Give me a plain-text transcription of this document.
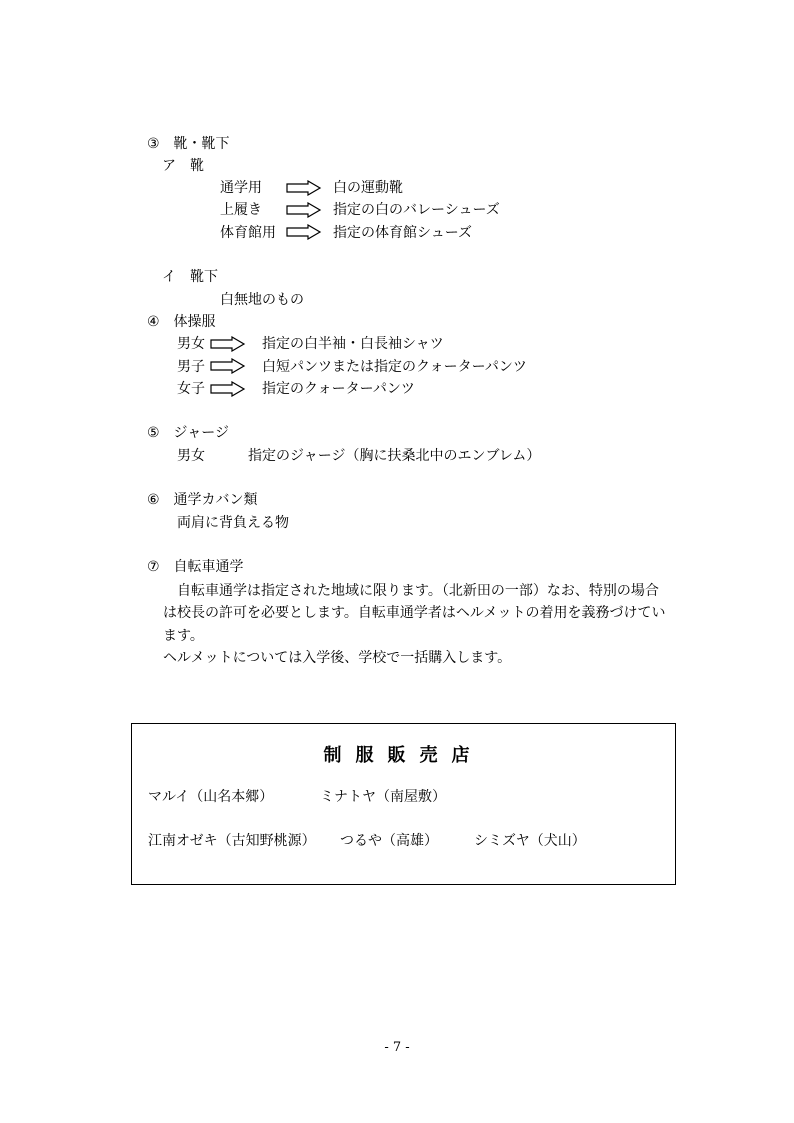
③　靴・靴下
ア　靴
通学用	白の運動靴
上履き	指定の白のバレーシューズ
体育館用	指定の体育館シューズ
イ　靴下
白無地のもの
④　体操服
男女	指定の白半袖・白長袖シャツ
男子	白短パンツまたは指定のクォーターパンツ
女子	指定のクォーターパンツ
⑤　ジャージ
男女	指定のジャージ（胸に扶桑北中のエンブレム）
⑥　通学カバン類
両肩に背負える物
⑦　自転車通学
自転車通学は指定された地域に限ります。（北新田の一部）なお、特別の場合
は校長の許可を必要とします。自転車通学者はヘルメットの着用を義務づけてい
ます。
ヘルメットについては入学後、学校で一括購入します。
制服販売店
マルイ（山名本郷）	ミナトヤ（南屋敷）
江南オゼキ（古知野桃源） つるや（高雄）	シミズヤ（犬山）
- 7 -
